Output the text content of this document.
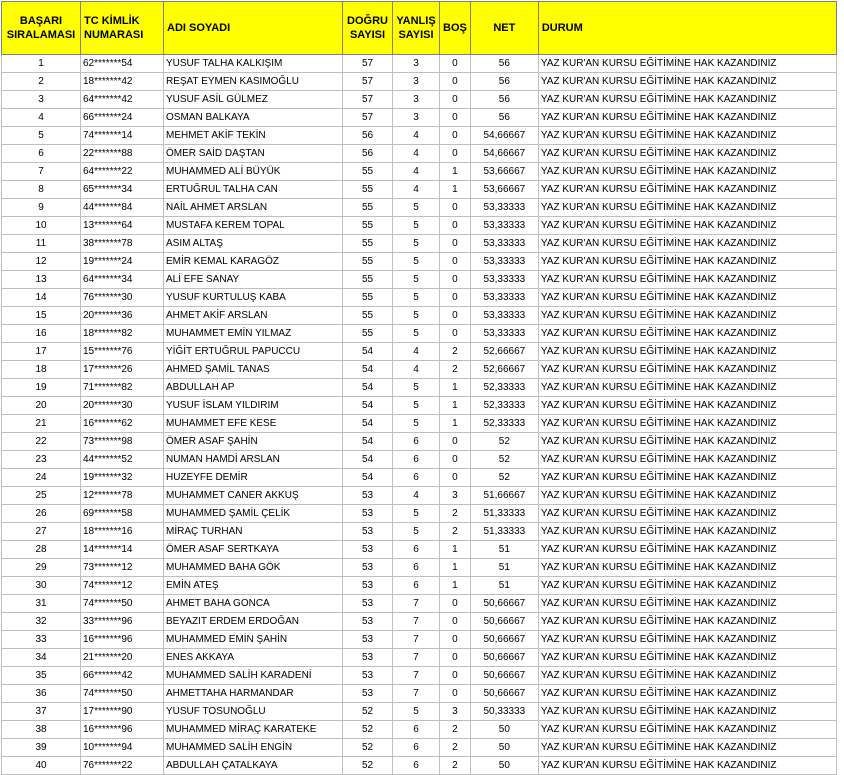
BAŞARI
SIRALAMASI	TC KİMLİK
NUMARASI	ADI SOYADI	DOĞRU
SAYISI	YANLIŞ
SAYISI	BOŞ	NET	DURUM
1	62*******54	YUSUF TALHA KALKIŞIM	57	3	0	56	YAZ KUR'AN KURSU EĞİTİMİNE HAK KAZANDINIZ
2	18*******42	REŞAT EYMEN KASIMOĞLU	57	3	0	56	YAZ KUR'AN KURSU EĞİTİMİNE HAK KAZANDINIZ
3	64*******42	YUSUF ASİL GÜLMEZ	57	3	0	56	YAZ KUR'AN KURSU EĞİTİMİNE HAK KAZANDINIZ
4	66*******24	OSMAN BALKAYA	57	3	0	56	YAZ KUR'AN KURSU EĞİTİMİNE HAK KAZANDINIZ
5	74*******14	MEHMET AKİF TEKİN	56	4	0	54,66667	YAZ KUR'AN KURSU EĞİTİMİNE HAK KAZANDINIZ
6	22*******88	ÖMER SAİD DAŞTAN	56	4	0	54,66667	YAZ KUR'AN KURSU EĞİTİMİNE HAK KAZANDINIZ
7	64*******22	MUHAMMED ALİ BÜYÜK	55	4	1	53,66667	YAZ KUR'AN KURSU EĞİTİMİNE HAK KAZANDINIZ
8	65*******34	ERTUĞRUL TALHA CAN	55	4	1	53,66667	YAZ KUR'AN KURSU EĞİTİMİNE HAK KAZANDINIZ
9	44*******84	NAİL AHMET ARSLAN	55	5	0	53,33333	YAZ KUR'AN KURSU EĞİTİMİNE HAK KAZANDINIZ
10	13*******64	MUSTAFA KEREM TOPAL	55	5	0	53,33333	YAZ KUR'AN KURSU EĞİTİMİNE HAK KAZANDINIZ
11	38*******78	ASIM ALTAŞ	55	5	0	53,33333	YAZ KUR'AN KURSU EĞİTİMİNE HAK KAZANDINIZ
12	19*******24	EMİR KEMAL KARAGÖZ	55	5	0	53,33333	YAZ KUR'AN KURSU EĞİTİMİNE HAK KAZANDINIZ
13	64*******34	ALİ EFE SANAY	55	5	0	53,33333	YAZ KUR'AN KURSU EĞİTİMİNE HAK KAZANDINIZ
14	76*******30	YUSUF KURTULUŞ KABA	55	5	0	53,33333	YAZ KUR'AN KURSU EĞİTİMİNE HAK KAZANDINIZ
15	20*******36	AHMET AKİF ARSLAN	55	5	0	53,33333	YAZ KUR'AN KURSU EĞİTİMİNE HAK KAZANDINIZ
16	18*******82	MUHAMMET EMİN YILMAZ	55	5	0	53,33333	YAZ KUR'AN KURSU EĞİTİMİNE HAK KAZANDINIZ
17	15*******76	YİĞİT ERTUĞRUL PAPUCCU	54	4	2	52,66667	YAZ KUR'AN KURSU EĞİTİMİNE HAK KAZANDINIZ
18	17*******26	AHMED ŞAMİL TANAS	54	4	2	52,66667	YAZ KUR'AN KURSU EĞİTİMİNE HAK KAZANDINIZ
19	71*******82	ABDULLAH AP	54	5	1	52,33333	YAZ KUR'AN KURSU EĞİTİMİNE HAK KAZANDINIZ
20	20*******30	YUSUF İSLAM YILDIRIM	54	5	1	52,33333	YAZ KUR'AN KURSU EĞİTİMİNE HAK KAZANDINIZ
21	16*******62	MUHAMMET EFE KESE	54	5	1	52,33333	YAZ KUR'AN KURSU EĞİTİMİNE HAK KAZANDINIZ
22	73*******98	ÖMER ASAF ŞAHİN	54	6	0	52	YAZ KUR'AN KURSU EĞİTİMİNE HAK KAZANDINIZ
23	44*******52	NUMAN HAMDİ ARSLAN	54	6	0	52	YAZ KUR'AN KURSU EĞİTİMİNE HAK KAZANDINIZ
24	19*******32	HUZEYFE DEMİR	54	6	0	52	YAZ KUR'AN KURSU EĞİTİMİNE HAK KAZANDINIZ
25	12*******78	MUHAMMET CANER AKKUŞ	53	4	3	51,66667	YAZ KUR'AN KURSU EĞİTİMİNE HAK KAZANDINIZ
26	69*******58	MUHAMMED ŞAMİL ÇELİK	53	5	2	51,33333	YAZ KUR'AN KURSU EĞİTİMİNE HAK KAZANDINIZ
27	18*******16	MİRAÇ TURHAN	53	5	2	51,33333	YAZ KUR'AN KURSU EĞİTİMİNE HAK KAZANDINIZ
28	14*******14	ÖMER ASAF SERTKAYA	53	6	1	51	YAZ KUR'AN KURSU EĞİTİMİNE HAK KAZANDINIZ
29	73*******12	MUHAMMED BAHA GÖK	53	6	1	51	YAZ KUR'AN KURSU EĞİTİMİNE HAK KAZANDINIZ
30	74*******12	EMİN ATEŞ	53	6	1	51	YAZ KUR'AN KURSU EĞİTİMİNE HAK KAZANDINIZ
31	74*******50	AHMET BAHA GONCA	53	7	0	50,66667	YAZ KUR'AN KURSU EĞİTİMİNE HAK KAZANDINIZ
32	33*******96	BEYAZIT ERDEM ERDOĞAN	53	7	0	50,66667	YAZ KUR'AN KURSU EĞİTİMİNE HAK KAZANDINIZ
33	16*******96	MUHAMMED EMİN ŞAHİN	53	7	0	50,66667	YAZ KUR'AN KURSU EĞİTİMİNE HAK KAZANDINIZ
34	21*******20	ENES AKKAYA	53	7	0	50,66667	YAZ KUR'AN KURSU EĞİTİMİNE HAK KAZANDINIZ
35	66*******42	MUHAMMED SALİH KARADENİ	53	7	0	50,66667	YAZ KUR'AN KURSU EĞİTİMİNE HAK KAZANDINIZ
36	74*******50	AHMETTAHA HARMANDAR	53	7	0	50,66667	YAZ KUR'AN KURSU EĞİTİMİNE HAK KAZANDINIZ
37	17*******90	YUSUF TOSUNOĞLU	52	5	3	50,33333	YAZ KUR'AN KURSU EĞİTİMİNE HAK KAZANDINIZ
38	16*******96	MUHAMMED MİRAÇ KARATEKE	52	6	2	50	YAZ KUR'AN KURSU EĞİTİMİNE HAK KAZANDINIZ
39	10*******94	MUHAMMED SALİH ENGİN	52	6	2	50	YAZ KUR'AN KURSU EĞİTİMİNE HAK KAZANDINIZ
40	76*******22	ABDULLAH ÇATALKAYA	52	6	2	50	YAZ KUR'AN KURSU EĞİTİMİNE HAK KAZANDINIZ
